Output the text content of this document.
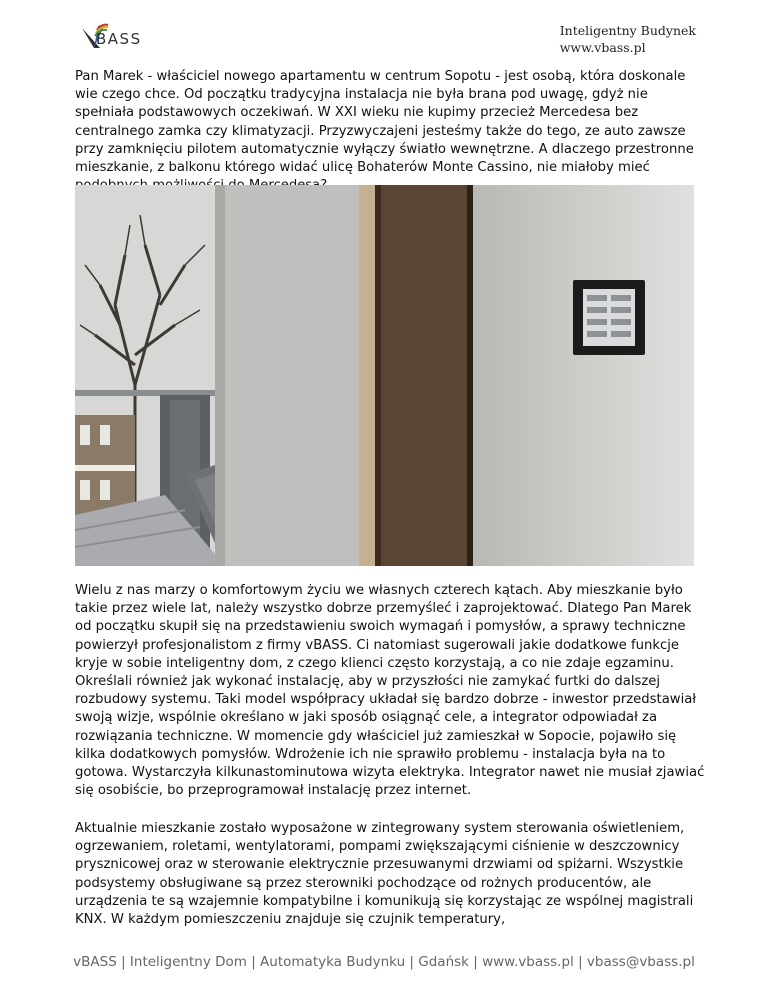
BASS	Inteligentny Budynek
www.vbass.pl
Pan Marek - właściciel nowego apartamentu w centrum Sopotu - jest osobą, która doskonale wie czego chce. Od początku tradycyjna instalacja nie była brana pod uwagę, gdyż nie spełniała podstawowych oczekiwań. W XXI wieku nie kupimy przecież Mercedesa bez centralnego zamka czy klimatyzacji. Przyzwyczajeni jesteśmy także do tego, ze auto zawsze przy zamknięciu pilotem automatycznie wyłączy światło wewnętrzne. A dlaczego przestronne mieszkanie, z balkonu którego widać ulicę Bohaterów Monte Cassino, nie miałoby mieć
Wielu z nas marzy o komfortowym życiu we własnych czterech kątach. Aby mieszkanie było takie przez wiele lat, należy wszystko dobrze przemyśleć i zaprojektować. Dlatego Pan Marek od początku skupił się na przedstawieniu swoich wymagań i pomysłów, a sprawy techniczne powierzył profesjonalistom z firmy vBASS. Ci natomiast sugerowali jakie dodatkowe funkcje kryje w sobie inteligentny dom, z czego klienci często korzystają, a co nie zdaje egzaminu. Określali również jak wykonać instalację, aby w przyszłości nie zamykać furtki do dalszej rozbudowy systemu. Taki model współpracy układał się bardzo dobrze - inwestor przedstawiał swoją wizje, wspólnie określano w jaki sposób osiągnąć cele, a integrator odpowiadał za rozwiązania techniczne. W momencie gdy właściciel już zamieszkał w Sopocie, pojawiło się kilka dodatkowych pomysłów. Wdrożenie ich nie sprawiło problemu - instalacja była na to gotowa. Wystarczyła kilkunastominutowa wizyta elektryka. Integrator nawet nie musiał zjawiać się osobiście, bo przeprogramował instalację przez internet.
Aktualnie mieszkanie zostało wyposażone w zintegrowany system sterowania oświetleniem, ogrzewaniem, roletami, wentylatorami, pompami zwiększającymi ciśnienie w deszczownicy prysznicowej oraz w sterowanie elektrycznie przesuwanymi drzwiami od spiżarni. Wszystkie podsystemy obsługiwane są przez sterowniki pochodzące od rożnych producentów, ale urządzenia te są wzajemnie kompatybilne i komunikują się korzystając ze wspólnej magistrali KNX. W każdym pomieszczeniu znajduje się czujnik temperatury,
vBASS | Inteligentny Dom | Automatyka Budynku | Gdańsk | www.vbass.pl | vbass@vbass.pl
